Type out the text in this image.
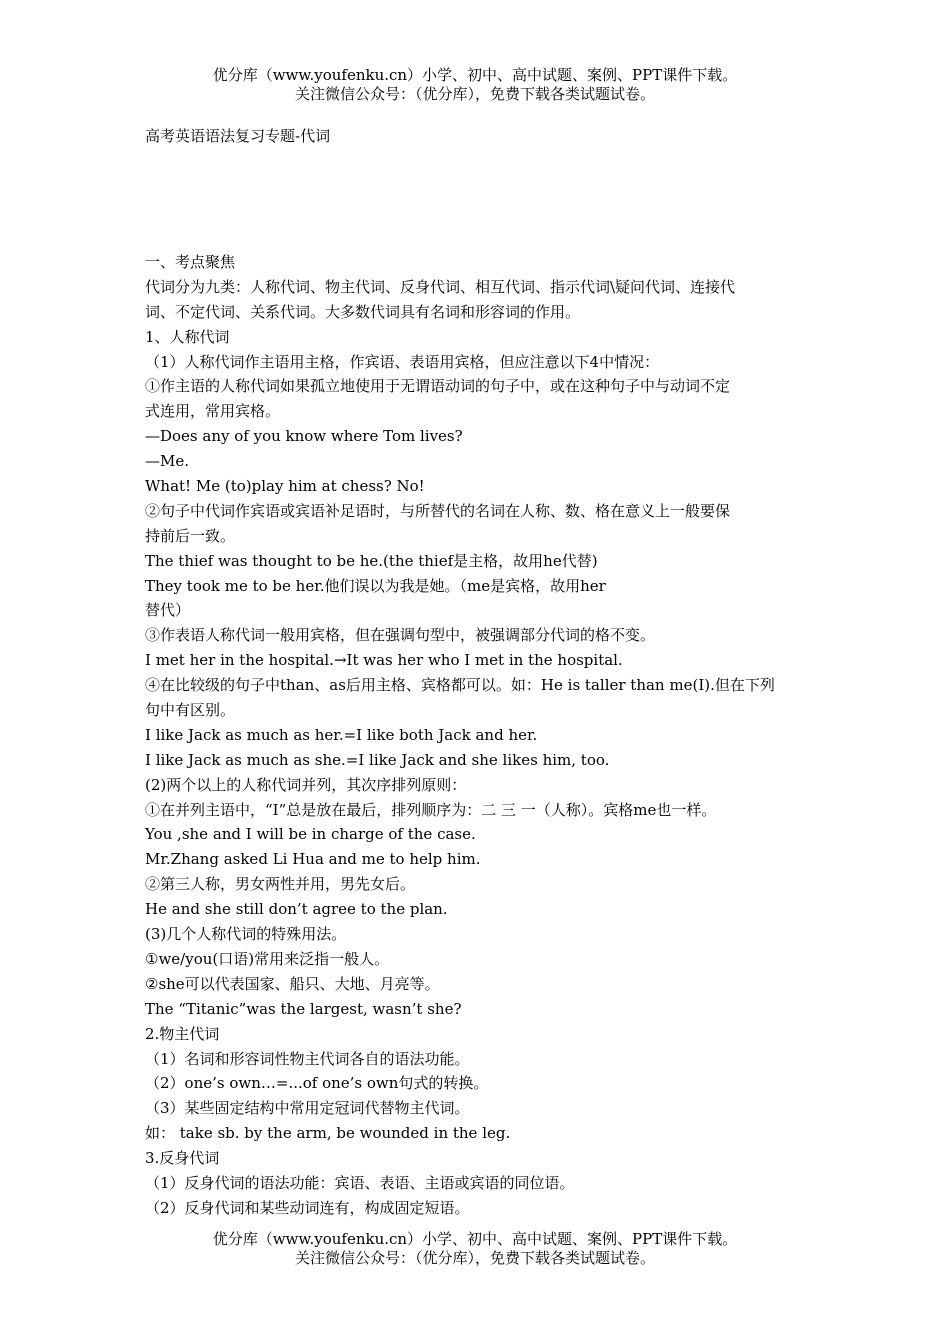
优分库（www.youfenku.cn）小学、初中、高中试题、案例、PPT课件下载。
关注微信公众号：（优分库），免费下载各类试题试卷。
高考英语语法复习专题-代词
一、考点聚焦
代词分为九类：人称代词、物主代词、反身代词、相互代词、指示代词\疑问代词、连接代
词、不定代词、关系代词。大多数代词具有名词和形容词的作用。
1、人称代词
（1）人称代词作主语用主格，作宾语、表语用宾格，但应注意以下4中情况：
①作主语的人称代词如果孤立地使用于无谓语动词的句子中，或在这种句子中与动词不定
式连用，常用宾格。
—Does any of you know where Tom lives?
—Me.
What! Me (to)play him at chess? No!
②句子中代词作宾语或宾语补足语时，与所替代的名词在人称、数、格在意义上一般要保
持前后一致。
The thief was thought to be he.(the thief是主格，故用he代替)
They took me to be her.他们误以为我是她。（me是宾格，故用her
替代）
③作表语人称代词一般用宾格，但在强调句型中，被强调部分代词的格不变。
I met her in the hospital.→It was her who I met in the hospital.
④在比较级的句子中than、as后用主格、宾格都可以。如：He is taller than me(I).但在下列
句中有区别。
I like Jack as much as her.=I like both Jack and her.
I like Jack as much as she.=I like Jack and she likes him, too.
(2)两个以上的人称代词并列，其次序排列原则：
①在并列主语中，“I”总是放在最后，排列顺序为：二 三 一（人称）。宾格me也一样。
You ,she and I will be in charge of the case.
Mr.Zhang asked Li Hua and me to help him.
②第三人称，男女两性并用，男先女后。
He and she still don’t agree to the plan.
(3)几个人称代词的特殊用法。
①we/you(口语)常用来泛指一般人。
②she可以代表国家、船只、大地、月亮等。
The “Titanic”was the largest, wasn’t she?
2.物主代词
（1）名词和形容词性物主代词各自的语法功能。
（2）one’s own…=...of one’s own句式的转换。
（3）某些固定结构中常用定冠词代替物主代词。
如： take sb. by the arm, be wounded in the leg.
3.反身代词
（1）反身代词的语法功能：宾语、表语、主语或宾语的同位语。
（2）反身代词和某些动词连有，构成固定短语。
优分库（www.youfenku.cn）小学、初中、高中试题、案例、PPT课件下载。
关注微信公众号：（优分库），免费下载各类试题试卷。
